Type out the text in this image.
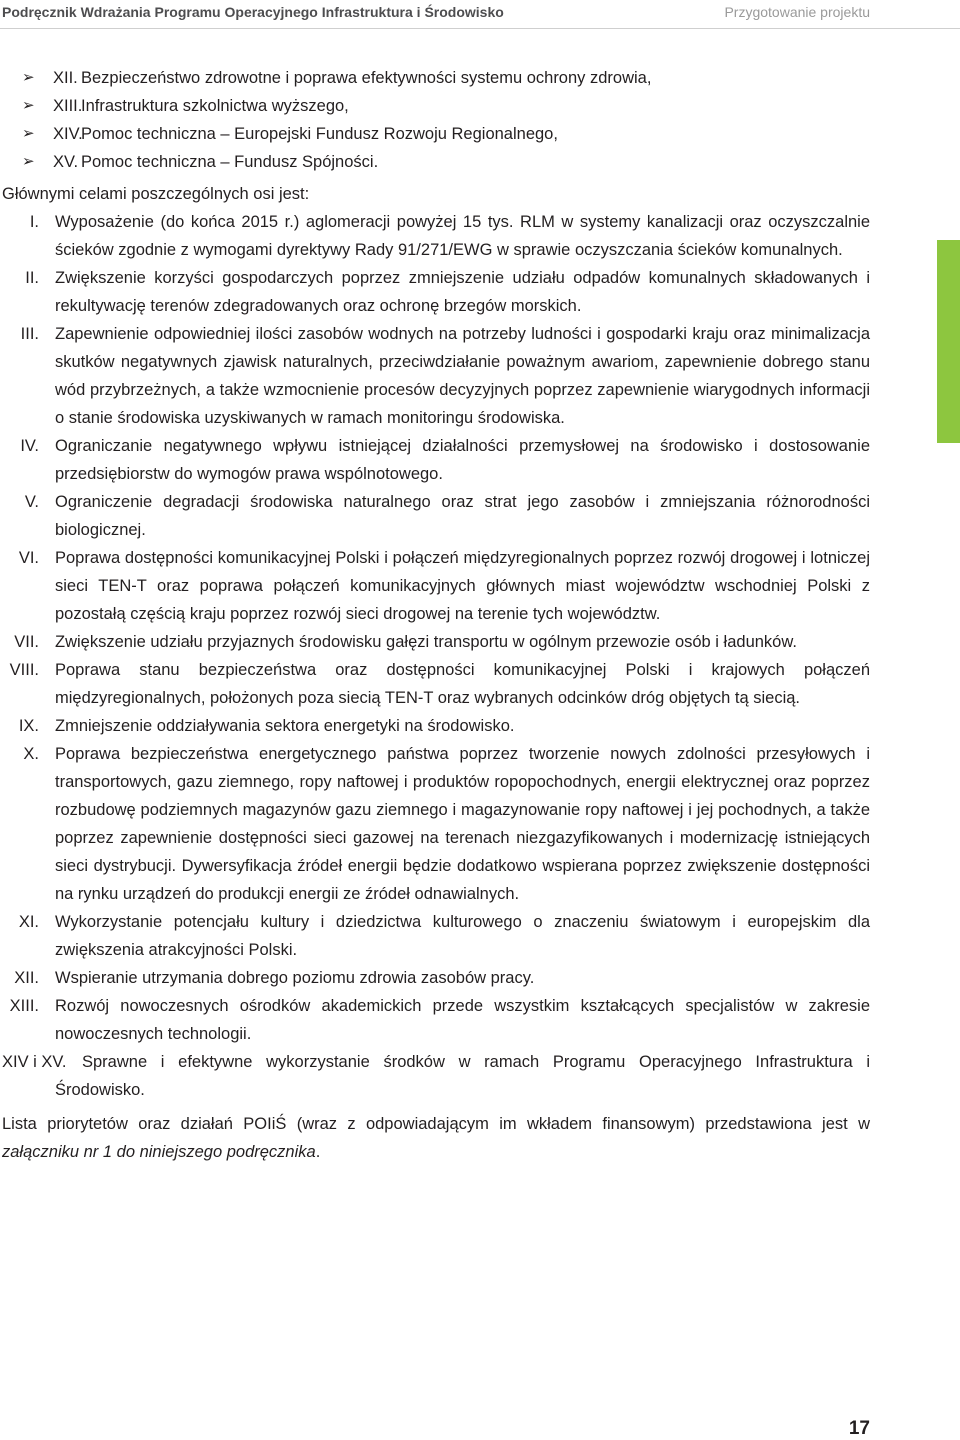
Podręcznik Wdrażania Programu Operacyjnego Infrastruktura i Środowisko	Przygotowanie projektu
➢ XII. Bezpieczeństwo zdrowotne i poprawa efektywności systemu ochrony zdrowia,
➢ XIII.Infrastruktura szkolnictwa wyższego,
➢ XIV.Pomoc techniczna – Europejski Fundusz Rozwoju Regionalnego,
➢ XV. Pomoc techniczna – Fundusz Spójności.

Głównymi celami poszczególnych osi jest:

I. Wyposażenie (do końca 2015 r.) aglomeracji powyżej 15 tys. RLM w systemy kanalizacji oraz oczyszczalnie ścieków zgodnie z wymogami dyrektywy Rady 91/271/EWG w sprawie oczyszczania ścieków komunalnych.
II. Zwiększenie korzyści gospodarczych poprzez zmniejszenie udziału odpadów komunalnych składowanych i rekultywację terenów zdegradowanych oraz ochronę brzegów morskich.
III. Zapewnienie odpowiedniej ilości zasobów wodnych na potrzeby ludności i gospodarki kraju oraz minimalizacja skutków negatywnych zjawisk naturalnych, przeciwdziałanie poważnym awariom, zapewnienie dobrego stanu wód przybrzeżnych, a także wzmocnienie procesów decyzyjnych poprzez zapewnienie wiarygodnych informacji o stanie środowiska uzyskiwanych w ramach monitoringu środowiska.
IV. Ograniczanie negatywnego wpływu istniejącej działalności przemysłowej na środowisko i dostosowanie przedsiębiorstw do wymogów prawa wspólnotowego.
V. Ograniczenie degradacji środowiska naturalnego oraz strat jego zasobów i zmniejszania różnorodności biologicznej.
VI. Poprawa dostępności komunikacyjnej Polski i połączeń międzyregionalnych poprzez rozwój drogowej i lotniczej sieci TEN-T oraz poprawa połączeń komunikacyjnych głównych miast województw wschodniej Polski z pozostałą częścią kraju poprzez rozwój sieci drogowej na terenie tych województw.
VII. Zwiększenie udziału przyjaznych środowisku gałęzi transportu w ogólnym przewozie osób i ładunków.
VIII. Poprawa stanu bezpieczeństwa oraz dostępności komunikacyjnej Polski i krajowych połączeń międzyregionalnych, położonych poza siecią TEN-T oraz wybranych odcinków dróg objętych tą siecią.
IX. Zmniejszenie oddziaływania sektora energetyki na środowisko.
X. Poprawa bezpieczeństwa energetycznego państwa poprzez tworzenie nowych zdolności przesyłowych i transportowych, gazu ziemnego, ropy naftowej i produktów ropopochodnych, energii elektrycznej oraz poprzez rozbudowę podziemnych magazynów gazu ziemnego i magazynowanie ropy naftowej i jej pochodnych, a także poprzez zapewnienie dostępności sieci gazowej na terenach niezgazyfikowanych i modernizację istniejących sieci dystrybucji. Dywersyfikacja źródeł energii będzie dodatkowo wspierana poprzez zwiększenie dostępności na rynku urządzeń do produkcji energii ze źródeł odnawialnych.
XI. Wykorzystanie potencjału kultury i dziedzictwa kulturowego o znaczeniu światowym i europejskim dla zwiększenia atrakcyjności Polski.
XII. Wspieranie utrzymania dobrego poziomu zdrowia zasobów pracy.
XIII. Rozwój nowoczesnych ośrodków akademickich przede wszystkim kształcących specjalistów w zakresie nowoczesnych technologii.
XIV i XV. Sprawne i efektywne wykorzystanie środków w ramach Programu Operacyjnego Infrastruktura i Środowisko.

Lista priorytetów oraz działań POIiŚ (wraz z odpowiadającym im wkładem finansowym) przedstawiona jest w załączniku nr 1 do niniejszego podręcznika.

17
